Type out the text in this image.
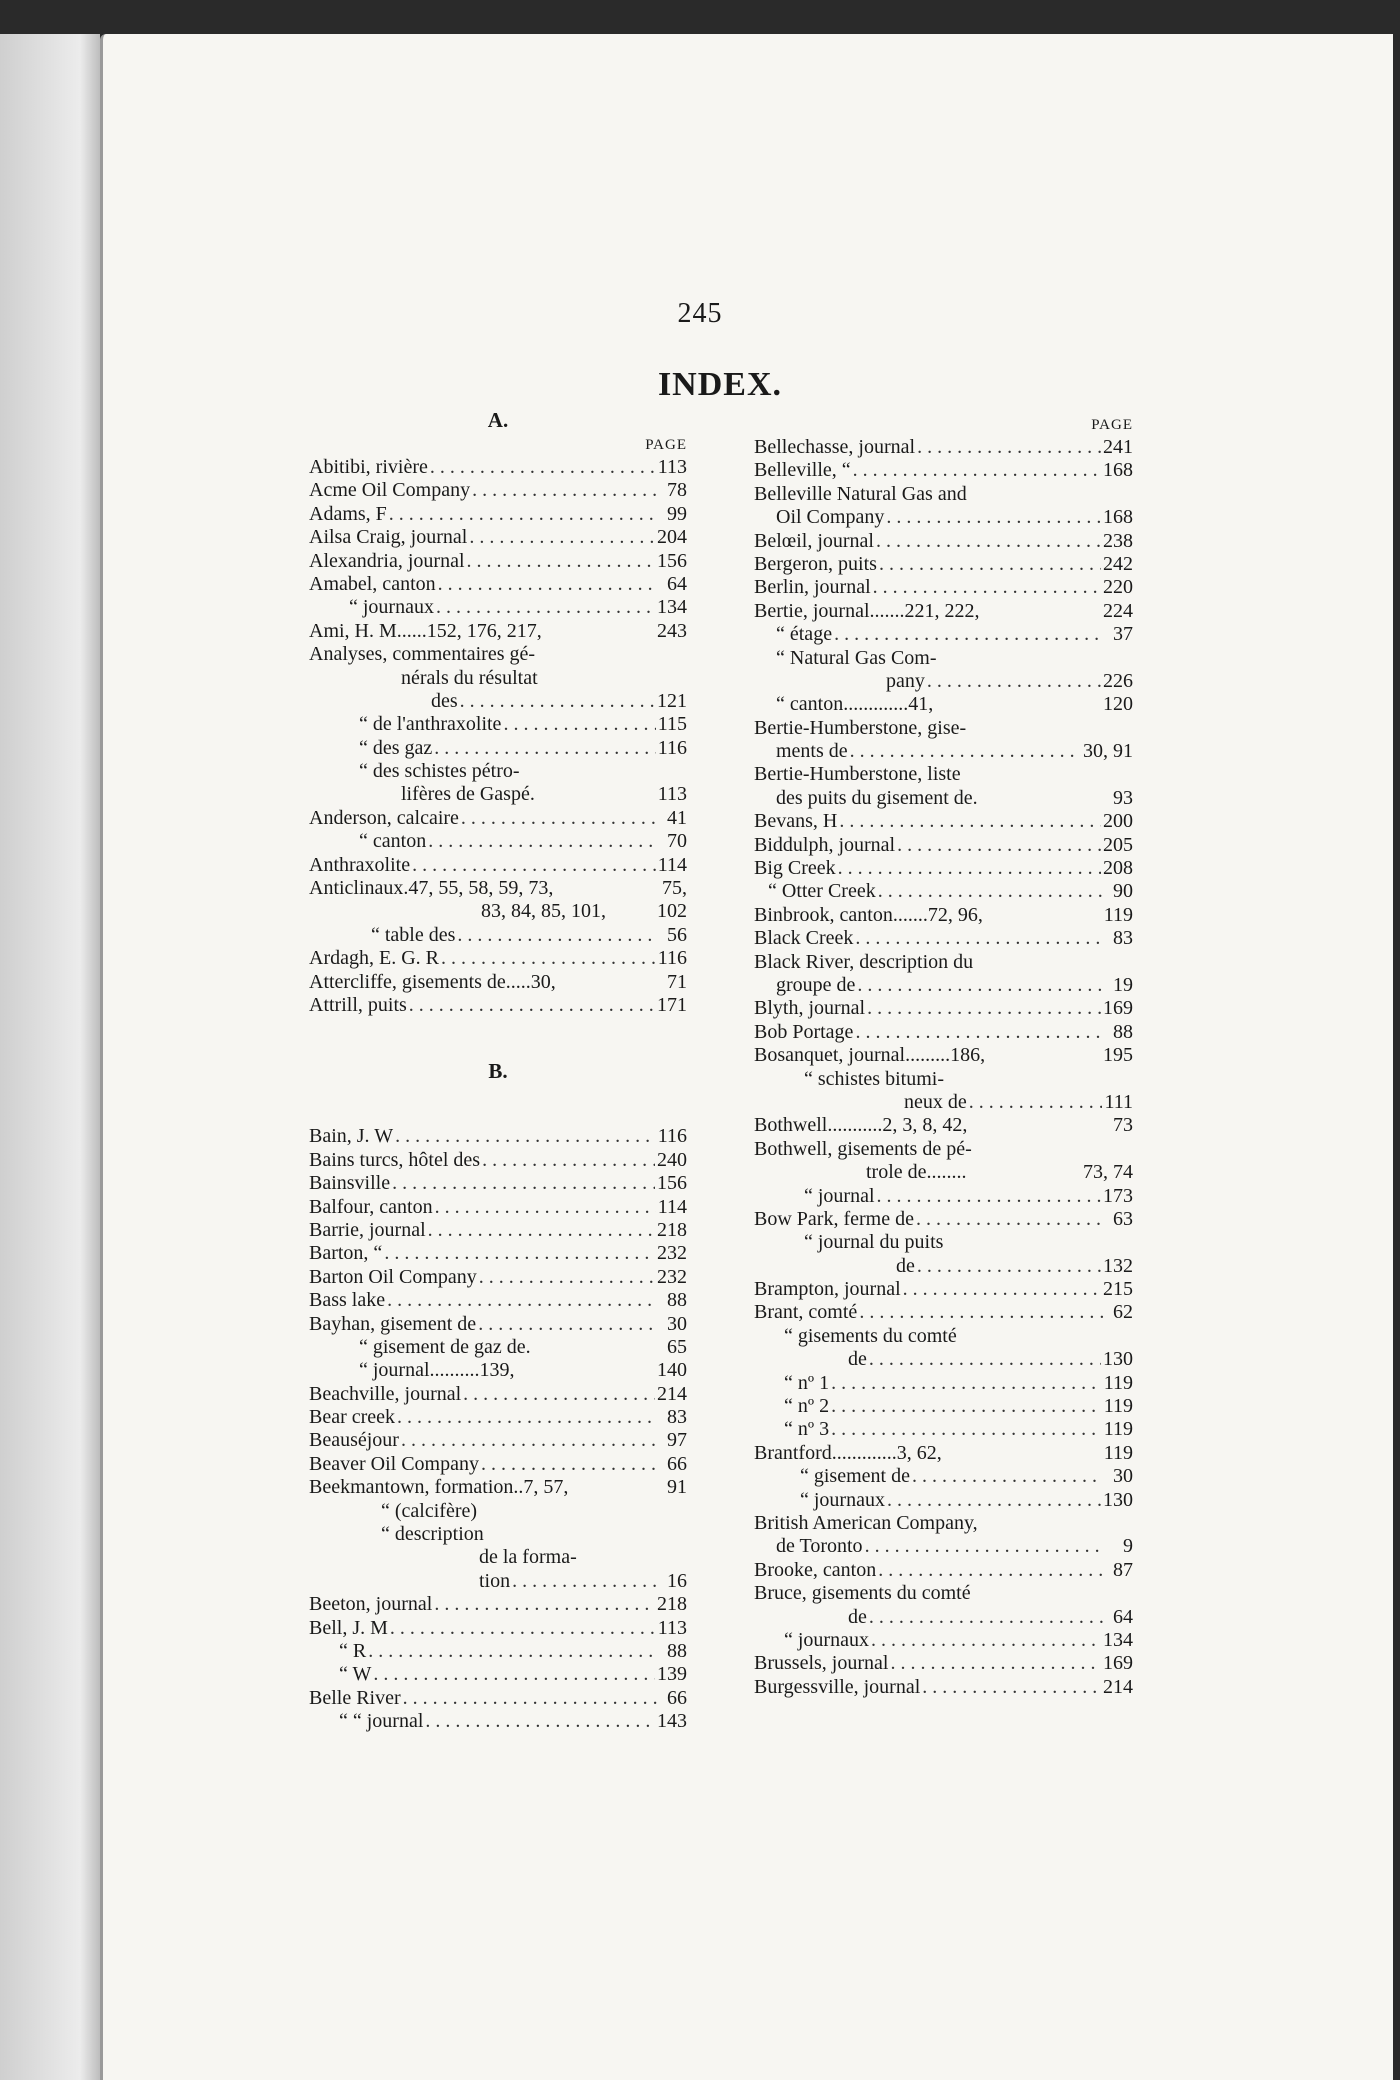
245
INDEX.
A.
PAGE
Abitibi, rivière . . .	113
Acme Oil Company . . .	78
Adams, F . . .	99
Ailsa Craig, journal . . .	204
Alexandria, journal . . .	156
Amabel, canton . . .	64
“ journaux . . .	134
Ami, H. M......152, 176, 217,	243
Analyses, commentaires gé-
nérals du résultat
des . . .	121
“ de l'anthraxolite . . .	115
“ des gaz . . .	116
“ des schistes pétro-
lifères de Gaspé.	113
Anderson, calcaire . . .	41
“ canton . . .	70
Anthraxolite . . .	114
Anticlinaux.47, 55, 58, 59, 73,	75,
83, 84, 85, 101,	102
“ table des . . .	56
Ardagh, E. G. R . . .	116
Attercliffe, gisements de.....30,	71
Attrill, puits . . .	171
B.
Bain, J. W . . .	116
Bains turcs, hôtel des . . .	240
Bainsville . . .	156
Balfour, canton . . .	114
Barrie, journal . . .	218
Barton, “ . . .	232
Barton Oil Company . . .	232
Bass lake . . .	88
Bayhan, gisement de . . .	30
“ gisement de gaz de.	65
“ journal..........139,	140
Beachville, journal . . .	214
Bear creek . . .	83
Beauséjour . . .	97
Beaver Oil Company . . .	66
Beekmantown, formation..7, 57,	91
“ (calcifère)
“ description
de la forma-
tion . . .	16
Beeton, journal . . .	218
Bell, J. M . . .	113
“ R . . .	88
“ W . . .	139
Belle River . . .	66
“ “ journal . . .	143
PAGE
Bellechasse, journal . . .	241
Belleville, “ . . .	168
Belleville Natural Gas and
Oil Company . . .	168
Belœil, journal . . .	238
Bergeron, puits . . .	242
Berlin, journal . . .	220
Bertie, journal.......221, 222,	224
“ étage . . .	37
“ Natural Gas Com-
pany . . .	226
“ canton.............41,	120
Bertie-Humberstone, gise-
ments de . . .	30, 91
Bertie-Humberstone, liste
des puits du gisement de.	93
Bevans, H . . .	200
Biddulph, journal . . .	205
Big Creek . . .	208
“ Otter Creek . . .	90
Binbrook, canton.......72, 96,	119
Black Creek . . .	83
Black River, description du
groupe de . . .	19
Blyth, journal . . .	169
Bob Portage . . .	88
Bosanquet, journal.........186,	195
“ schistes bitumi-
neux de . . .	111
Bothwell...........2, 3, 8, 42,	73
Bothwell, gisements de pé-
trole de........	73, 74
“ journal . . .	173
Bow Park, ferme de . . .	63
“ journal du puits
de . . .	132
Brampton, journal . . .	215
Brant, comté . . .	62
“ gisements du comté
de . . .	130
“ nº 1 . . .	119
“ nº 2 . . .	119
“ nº 3 . . .	119
Brantford.............3, 62,	119
“ gisement de . . .	30
“ journaux . . .	130
British American Company,
de Toronto . . .	9
Brooke, canton . . .	87
Bruce, gisements du comté
de . . .	64
“ journaux . . .	134
Brussels, journal . . .	169
Burgessville, journal . . .	214
